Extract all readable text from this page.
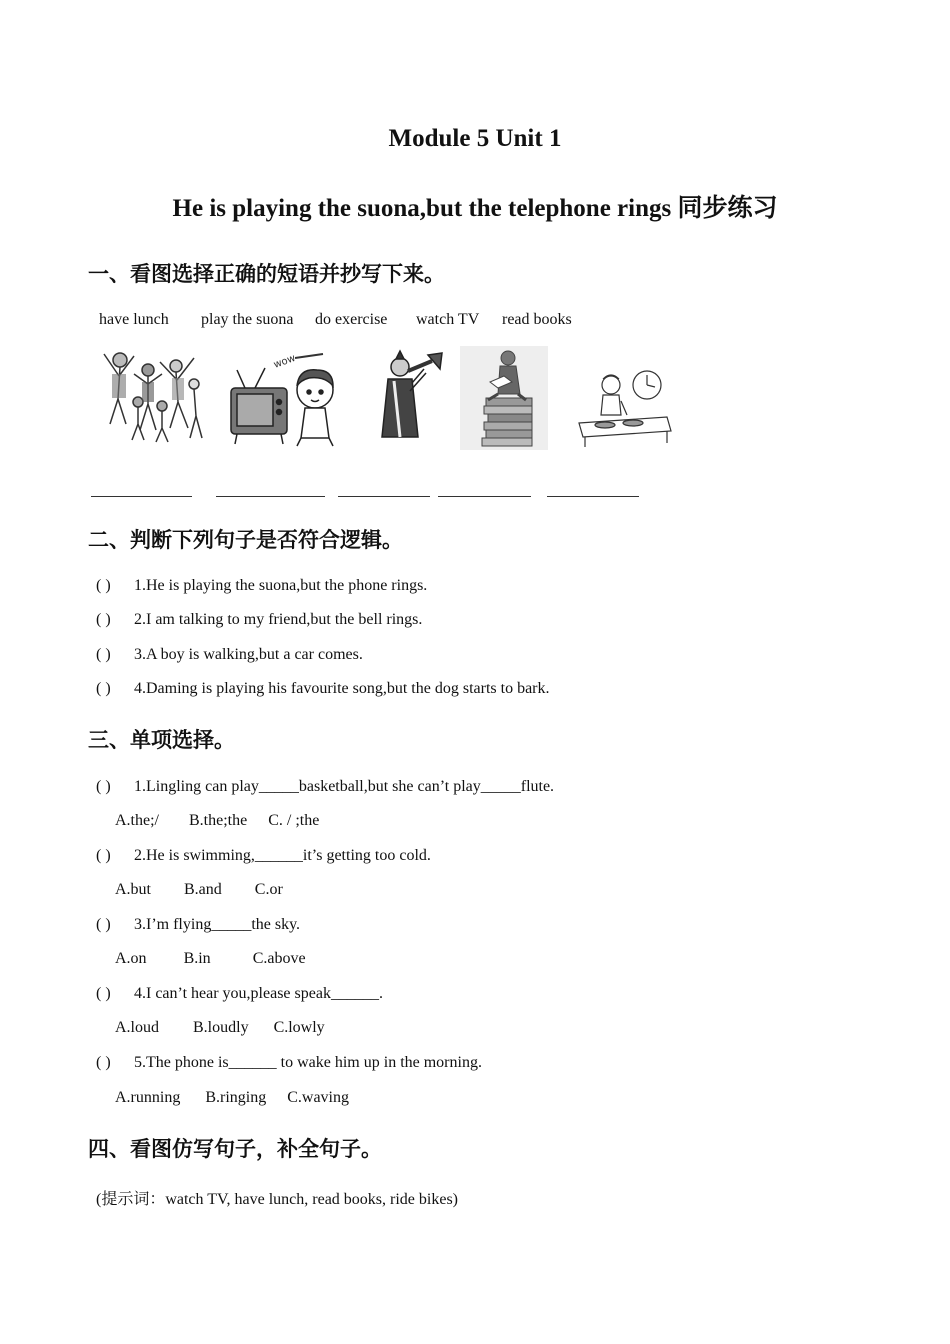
Module 5 Unit 1
He is playing the suona,but the telephone rings 同步练习
一、看图选择正确的短语并抄写下来。
have lunch play the suona do exercise watch TV read books
wow
二、判断下列句子是否符合逻辑。
( ) 1.He is playing the suona,but the phone rings.
( ) 2.I am talking to my friend,but the bell rings.
( ) 3.A boy is walking,but a car comes.
( ) 4.Daming is playing his favourite song,but the dog starts to bark.
三、单项选择。
( ) 1.Lingling can play_____basketball,but she can’t play_____flute.
A.the;/ B.the;the C. / ;the
( ) 2.He is swimming,______it’s getting too cold.
A.but B.and C.or
( ) 3.I’m flying_____the sky.
A.on B.in	C.above
( ) 4.I can’t hear you,please speak______.
A.loud B.loudly C.lowly
( ) 5.The phone is______ to wake him up in the morning.
A.running B.ringing C.waving
四、看图仿写句子，补全句子。
(提示词：watch TV, have lunch, read books, ride bikes)
